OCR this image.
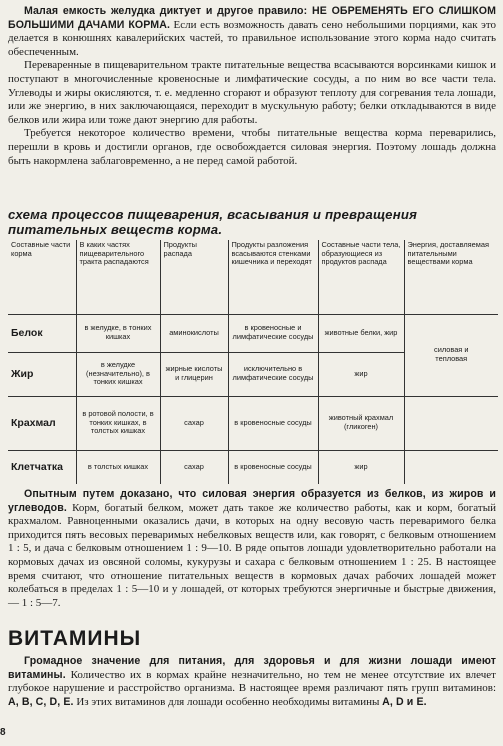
Малая емкость желудка диктует и другое правило: НЕ ОБРЕМЕНЯТЬ ЕГО СЛИШКОМ БОЛЬШИМИ ДАЧАМИ КОРМА. Если есть возможность давать сено небольшими порциями, как это делается в конюшнях кавалерийских частей, то правильное использование этого корма надо считать обеспеченным.

Переваренные в пищеварительном тракте питательные вещества всасываются ворсинками кишок и поступают в многочисленные кровеносные и лимфатические сосуды, а по ним во все части тела. Углеводы и жиры окисляются, т. е. медленно сгорают и образуют теплоту для согревания тела лошади, или же энергию, в них заключающаяся, переходит в мускульную работу; белки откладываются в виде белков или жира или тоже дают энергию для работы.

Требуется некоторое количество времени, чтобы питательные вещества корма переварились, перешли в кровь и достигли органов, где освобождается силовая энергия. Поэтому лошадь должна быть накормлена заблаговременно, а не перед самой работой.

схема процессов пищеварения, всасывания и превращения питательных веществ корма.

Составные части корма	В каких частях пищеварительного тракта распадаются	Продукты распада	Продукты разложения всасываются стенками кишечника и переходят	Составные части тела, образующиеся из продуктов распада	Энергия, доставляемая питательными веществами корма
Белок	в желудке, в тонких кишках	аминокислоты	в кровеносные и лимфатические сосуды	животные белки, жир	силовая и тепловая
Жир	в желудке (незначительно), в тонких кишках	жирные кислоты и глицерин	исключительно в лимфатические сосуды	жир	
Крахмал	в ротовой полости, в тонких кишках, в толстых кишках	сахар	в кровеносные сосуды	животный крахмал (гликоген)	
Клетчатка	в толстых кишках	сахар	в кровеносные сосуды	жир	

Опытным путем доказано, что силовая энергия образуется из белков, из жиров и углеводов. Корм, богатый белком, может дать такое же количество работы, как и корм, богатый крахмалом. Равноценными оказались дачи, в которых на одну весовую часть переваримого белка приходится пять весовых переваримых небелковых веществ или, как говорят, с белковым отношением 1 : 5, и дача с белковым отношением 1 : 9—10. В ряде опытов лошади удовлетворительно работали на кормовых дачах из овсяной соломы, кукурузы и сахара с белковым отношением 1 : 25. В настоящее время считают, что отношение питательных веществ в кормовых дачах рабочих лошадей может колебаться в пределах 1 : 5—10 и у лошадей, от которых требуются энергичные и быстрые движения, — 1 : 5—7.

ВИТАМИНЫ

Громадное значение для питания, для здоровья и для жизни лошади имеют витамины. Количество их в кормах крайне незначительно, но тем не менее отсутствие их влечет глубокое нарушение и расстройство организма. В настоящее время различают пять групп витаминов: A, B, C, D, E. Из этих витаминов для лошади особенно необходимы витамины A, D и E.

8
